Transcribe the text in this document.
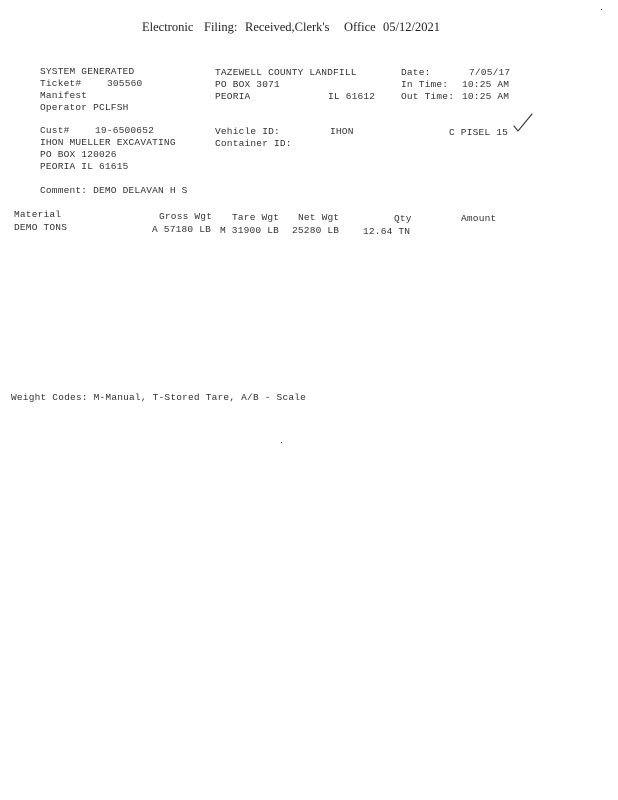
Electronic Filing: Received,Clerk's Office 05/12/2021
SYSTEM GENERATED
Ticket#	305560
Manifest
Operator PCLFSH
TAZEWELL COUNTY LANDFILL
PO BOX 3071
PEORIA	IL 61612
Date:	7/05/17
In Time: 10:25 AM
Out Time: 10:25 AM
Cust#	19-6500652
IHON MUELLER EXCAVATING
PO BOX 120026
PEORIA IL 61615
Vehicle ID:	IHON
Container ID:
C PISEL 15
Comment: DEMO DELAVAN H S
Material	Gross Wgt Tare Wgt Net Wgt	Qty	Amount
DEMO TONS	A 57180 LB M 31900 LB 25280 LB	12.64 TN
Weight Codes: M-Manual, T-Stored Tare, A/B - Scale
